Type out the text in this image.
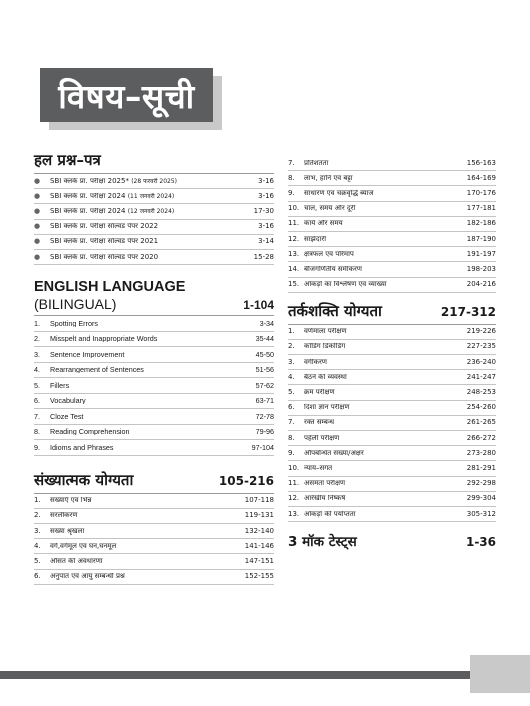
विषय–सूची
हल प्रश्न–पत्र
●	SBI क्लर्क प्रा. परीक्षा 2025* (28 फरवरी 2025)	3-16
●	SBI क्लर्क प्रा. परीक्षा 2024 (11 जनवरी 2024)	3-16
●	SBI क्लर्क प्रा. परीक्षा 2024 (12 जनवरी 2024)	17-30
●	SBI क्लर्क प्रा. परीक्षा सॉल्वड पेपर 2022	3-16
●	SBI क्लर्क प्रा. परीक्षा सॉल्वड पेपर 2021	3-14
●	SBI क्लर्क प्रा. परीक्षा सॉल्वड पेपर 2020	15-28
ENGLISH LANGUAGE
(BILINGUAL)	1-104
1.	Spotting Errors	3-34
2.	Misspelt and Inappropriate Words	35-44
3.	Sentence Improvement	45-50
4.	Rearrangement of Sentences	51-56
5.	Fillers	57-62
6.	Vocabulary	63-71
7.	Cloze Test	72-78
8.	Reading Comprehension	79-96
9.	Idioms and Phrases	97-104
संख्यात्मक योग्यता	105-216
1.	संख्याएँ एवं भिन्न	107-118
2.	सरलीकरण	119-131
3.	संख्या श्रृंखला	132-140
4.	वर्ग,वर्गमूल एवं घन,घनमूल	141-146
5.	औसत की अवधारणा	147-151
6.	अनुपात एवं आयु सम्बन्धी प्रश्न	152-155
7.	प्रतिशतता	156-163
8.	लाभ, हानि एवं बट्टा	164-169
9.	साधारण एवं चक्रवृद्धि ब्याज	170-176
10. चाल, समय और दूरी	177-181
11. कार्य और समय	182-186
12. साझेदारी	187-190
13. क्षेत्रफल एवं परिमाप	191-197
14. बीजगणितीय समीकरण	198-203
15. आँकड़ों का विश्लेषण एवं व्याख्या	204-216
तर्कशक्ति योग्यता	217-312
1.	वर्णमाला परीक्षण	219-226
2.	कोडिंग डिकोडिंग	227-235
3.	वर्गीकरण	236-240
4.	बैठने की व्यवस्था	241-247
5.	क्रम परीक्षण	248-253
6.	दिशा ज्ञान परीक्षण	254-260
7.	रक्त सम्बन्ध	261-265
8.	पहेली परीक्षण	266-272
9.	औपबन्धित संख्या/अक्षर	273-280
10. न्याय–संगत	281-291
11. असमता परीक्षण	292-298
12. आरेखीय निष्कर्ष	299-304
13. आँकड़ों की पर्याप्तता	305-312
3 मॉक टेस्ट्स	1-36
